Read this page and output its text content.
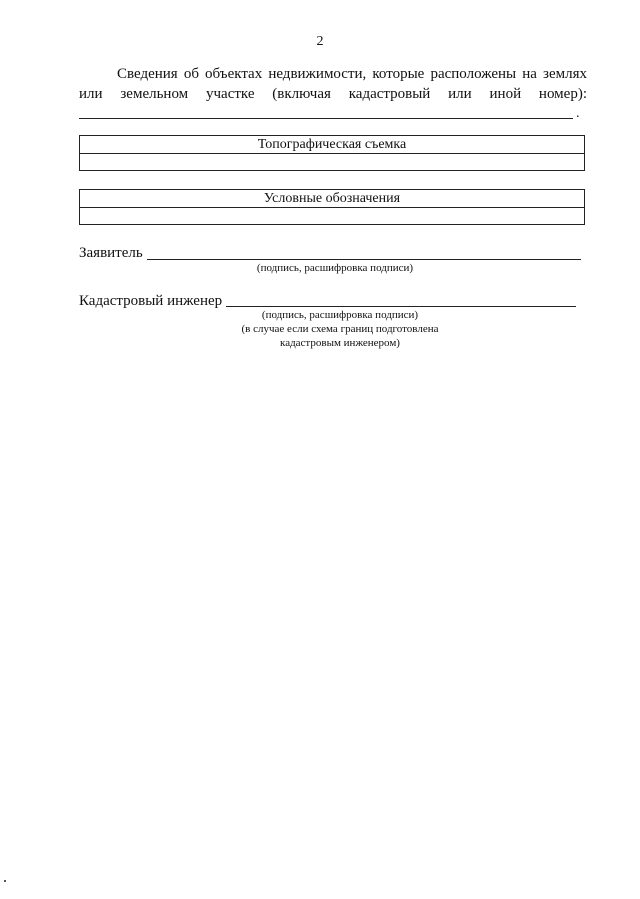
2
Сведения об объектах недвижимости, которые расположены на землях
или земельном участке (включая кадастровый или иной номер):
.
Топографическая съемка

Условные обозначения

Заявитель
(подпись, расшифровка подписи)
Кадастровый инженер
(подпись, расшифровка подписи)
(в случае если схема границ подготовлена
кадастровым инженером)
